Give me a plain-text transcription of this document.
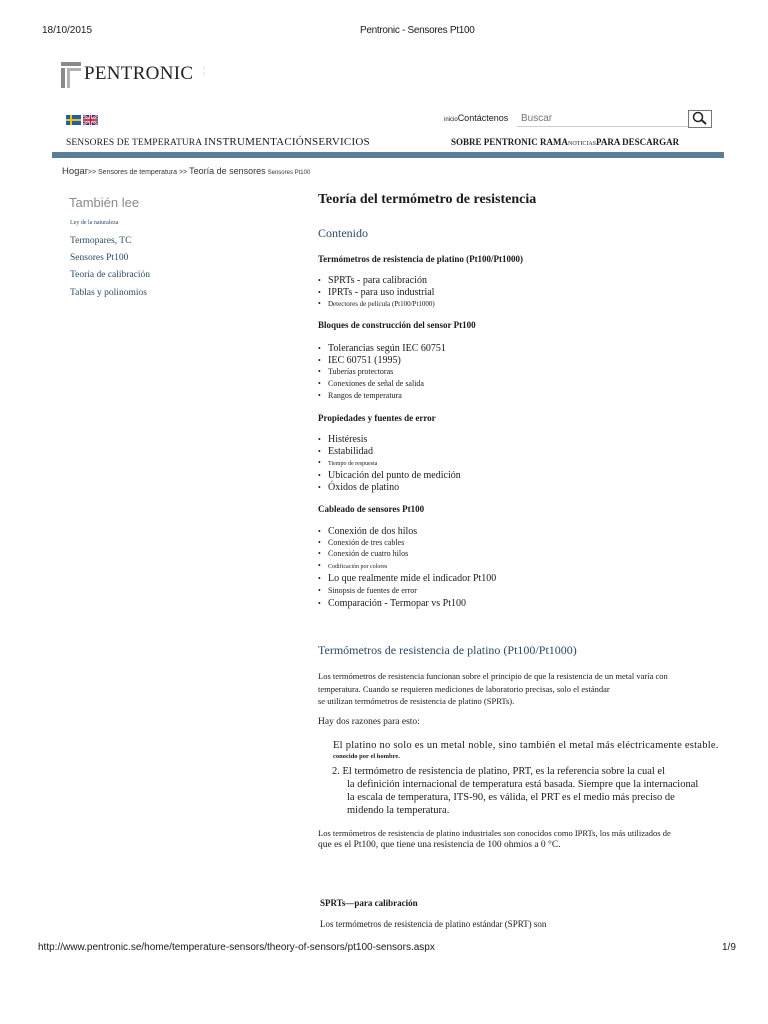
18/10/2015	Pentronic - Sensores Pt100
PENTRONIC ¦
inicioContáctenos
Buscar
SENSORES DE TEMPERATURA INSTRUMENTACIÓNSERVICIOS	SOBRE PENTRONIC RAMANOTICIASPARA DESCARGAR
Hogar>> Sensores de temperatura >> Teoría de sensores Sensores Pt100
También lee
Ley de la naturaleza
Termopares, TC
Sensores Pt100
Teoría de calibración
Tablas y polinomios
Teoría del termómetro de resistencia
Contenido
Termómetros de resistencia de platino (Pt100/Pt1000)
• SPRTs - para calibración
• IPRTs - para uso industrial
• Detectores de película (Pt100/Pt1000)
Bloques de construcción del sensor Pt100
• Tolerancias según IEC 60751
• IEC 60751 (1995)
• Tuberías protectoras
• Conexiones de señal de salida
• Rangos de temperatura
Propiedades y fuentes de error
• Histéresis
• Estabilidad
• Tiempo de respuesta
• Ubicación del punto de medición
• Óxidos de platino
Cableado de sensores Pt100
• Conexión de dos hilos
• Conexión de tres cables
• Conexión de cuatro hilos
• Codificación por colores
• Lo que realmente mide el indicador Pt100
• Sinopsis de fuentes de error
• Comparación - Termopar vs Pt100
Termómetros de resistencia de platino (Pt100/Pt1000)
Los termómetros de resistencia funcionan sobre el principio de que la resistencia de un metal varía con
temperatura. Cuando se requieren mediciones de laboratorio precisas, solo el estándar
se utilizan termómetros de resistencia de platino (SPRTs).
Hay dos razones para esto:
El platino no solo es un metal noble, sino también el metal más eléctricamente estable.
conocido por el hombre.
2. El termómetro de resistencia de platino, PRT, es la referencia sobre la cual el
la definición internacional de temperatura está basada. Siempre que la internacional
la escala de temperatura, ITS-90, es válida, el PRT es el medio más preciso de
midendo la temperatura.
Los termómetros de resistencia de platino industriales son conocidos como IPRTs, los más utilizados de
que es el Pt100, que tiene una resistencia de 100 ohmios a 0 °C.
SPRTs—para calibración
Los termómetros de resistencia de platino estándar (SPRT) son
http://www.pentronic.se/home/temperature-sensors/theory-of-sensors/pt100-sensors.aspx	1/9
